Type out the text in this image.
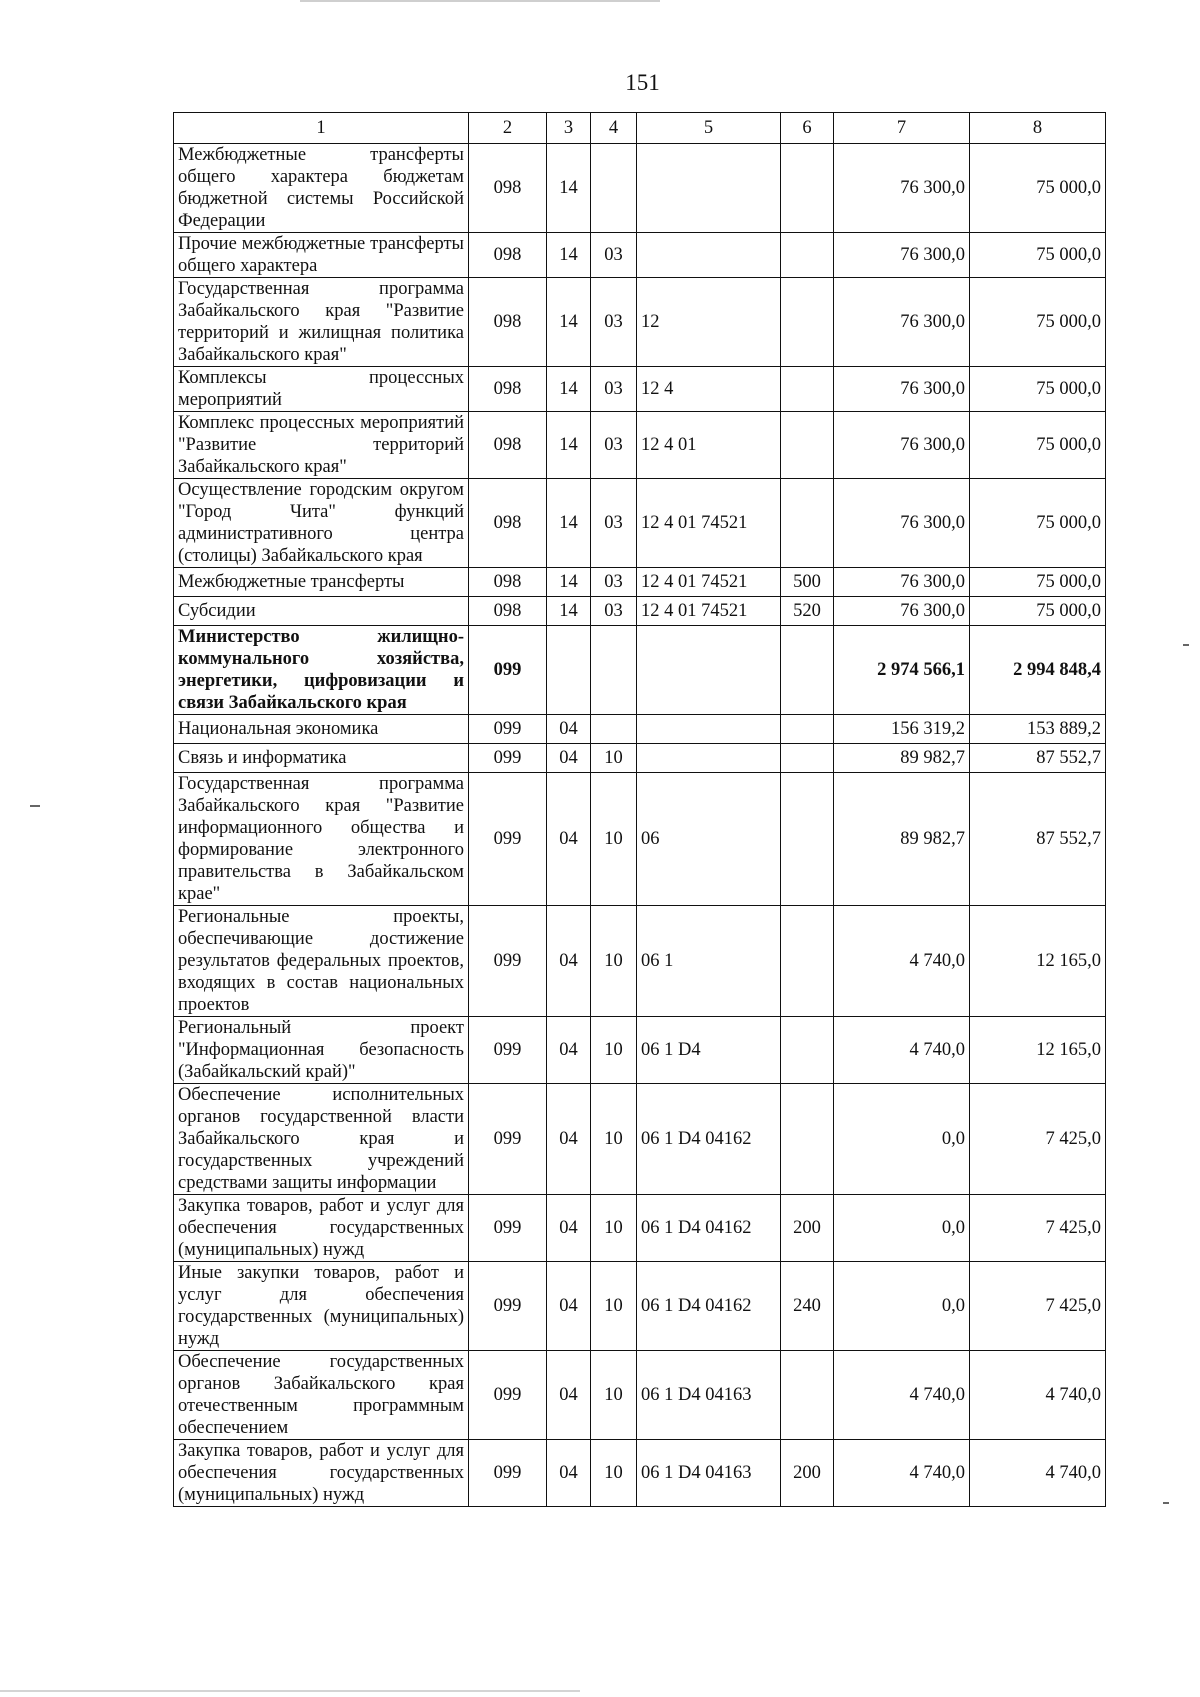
151
1	2	3	4	5	6	7	8
Межбюджетные трансферты общего характера бюджетам бюджетной системы Российской Федерации	098	14				76 300,0	75 000,0
Прочие межбюджетные трансферты общего характера	098	14	03			76 300,0	75 000,0
Государственная программа Забайкальского края "Развитие территорий и жилищная политика Забайкальского края"	098	14	03	12		76 300,0	75 000,0
Комплексы процессных мероприятий	098	14	03	12 4		76 300,0	75 000,0
Комплекс процессных мероприятий "Развитие территорий Забайкальского края"	098	14	03	12 4 01		76 300,0	75 000,0
Осуществление городским округом "Город Чита" функций административного центра (столицы) Забайкальского края	098	14	03	12 4 01 74521		76 300,0	75 000,0
Межбюджетные трансферты	098	14	03	12 4 01 74521	500	76 300,0	75 000,0
Субсидии	098	14	03	12 4 01 74521	520	76 300,0	75 000,0
Министерство жилищно-коммунального хозяйства, энергетики, цифровизации и связи Забайкальского края	099					2 974 566,1	2 994 848,4
Национальная экономика	099	04				156 319,2	153 889,2
Связь и информатика	099	04	10			89 982,7	87 552,7
Государственная программа Забайкальского края "Развитие информационного общества и формирование электронного правительства в Забайкальском крае"	099	04	10	06		89 982,7	87 552,7
Региональные проекты, обеспечивающие достижение результатов федеральных проектов, входящих в состав национальных проектов	099	04	10	06 1		4 740,0	12 165,0
Региональный проект "Информационная безопасность (Забайкальский край)"	099	04	10	06 1 D4		4 740,0	12 165,0
Обеспечение исполнительных органов государственной власти Забайкальского края и государственных учреждений средствами защиты информации	099	04	10	06 1 D4 04162		0,0	7 425,0
Закупка товаров, работ и услуг для обеспечения государственных (муниципальных) нужд	099	04	10	06 1 D4 04162	200	0,0	7 425,0
Иные закупки товаров, работ и услуг для обеспечения государственных (муниципальных) нужд	099	04	10	06 1 D4 04162	240	0,0	7 425,0
Обеспечение государственных органов Забайкальского края отечественным программным обеспечением	099	04	10	06 1 D4 04163		4 740,0	4 740,0
Закупка товаров, работ и услуг для обеспечения государственных (муниципальных) нужд	099	04	10	06 1 D4 04163	200	4 740,0	4 740,0
